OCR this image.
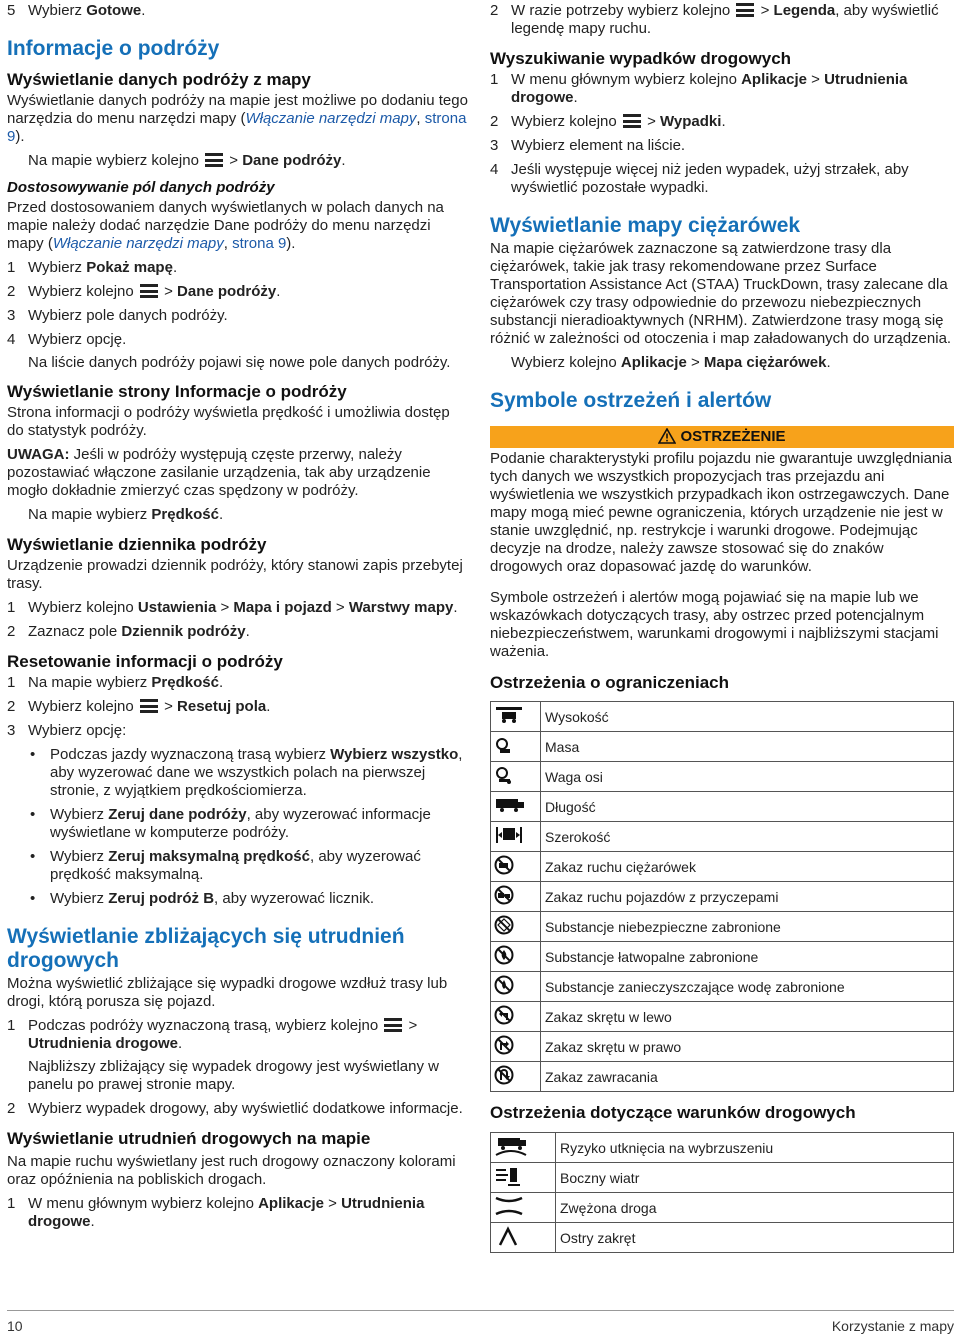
5 Wybierz Gotowe.
Informacje o podróży
Wyświetlanie danych podróży z mapy
Wyświetlanie danych podróży na mapie jest możliwe po dodaniu tego narzędzia do menu narzędzi mapy (Włączanie narzędzi mapy, strona 9).
Na mapie wybierz kolejno
> Dane podróży.
Dostosowywanie pól danych podróży
Przed dostosowaniem danych wyświetlanych w polach danych na mapie należy dodać narzędzie Dane podróży do menu narzędzi mapy (Włączanie narzędzi mapy, strona 9).
1 Wybierz Pokaż mapę.
2 Wybierz kolejno
> Dane podróży.
3 Wybierz pole danych podróży.
4 Wybierz opcję.
Na liście danych podróży pojawi się nowe pole danych podróży.
Wyświetlanie strony Informacje o podróży
Strona informacji o podróży wyświetla prędkość i umożliwia dostęp do statystyk podróży.
UWAGA: Jeśli w podróży występują częste przerwy, należy pozostawiać włączone zasilanie urządzenia, tak aby urządzenie mogło dokładnie zmierzyć czas spędzony w podróży.
Na mapie wybierz Prędkość.
Wyświetlanie dziennika podróży
Urządzenie prowadzi dziennik podróży, który stanowi zapis przebytej trasy.
1 Wybierz kolejno Ustawienia > Mapa i pojazd > Warstwy mapy.
2 Zaznacz pole Dziennik podróży.
Resetowanie informacji o podróży
1 Na mapie wybierz Prędkość.
2 Wybierz kolejno
> Resetuj pola.
3 Wybierz opcję:
• Podczas jazdy wyznaczoną trasą wybierz Wybierz wszystko, aby wyzerować dane we wszystkich polach na pierwszej stronie, z wyjątkiem prędkościomierza.
• Wybierz Zeruj dane podróży, aby wyzerować informacje wyświetlane w komputerze podróży.
• Wybierz Zeruj maksymalną prędkość, aby wyzerować prędkość maksymalną.
• Wybierz Zeruj podróż B, aby wyzerować licznik.
Wyświetlanie zbliżających się utrudnień drogowych
Można wyświetlić zbliżające się wypadki drogowe wzdłuż trasy lub drogi, którą porusza się pojazd.
1 Podczas podróży wyznaczoną trasą, wybierz kolejno
> Utrudnienia drogowe.
Najbliższy zbliżający się wypadek drogowy jest wyświetlany w panelu po prawej stronie mapy.
2 Wybierz wypadek drogowy, aby wyświetlić dodatkowe informacje.
Wyświetlanie utrudnień drogowych na mapie
Na mapie ruchu wyświetlany jest ruch drogowy oznaczony kolorami oraz opóźnienia na pobliskich drogach.
1 W menu głównym wybierz kolejno Aplikacje > Utrudnienia drogowe.
2 W razie potrzeby wybierz kolejno
> Legenda, aby wyświetlić legendę mapy ruchu.
Wyszukiwanie wypadków drogowych
1 W menu głównym wybierz kolejno Aplikacje > Utrudnienia drogowe.
2 Wybierz kolejno
> Wypadki.
3 Wybierz element na liście.
4 Jeśli występuje więcej niż jeden wypadek, użyj strzałek, aby wyświetlić pozostałe wypadki.
Wyświetlanie mapy ciężarówek
Na mapie ciężarówek zaznaczone są zatwierdzone trasy dla ciężarówek, takie jak trasy rekomendowane przez Surface Transportation Assistance Act (STAA) TruckDown, trasy zalecane dla ciężarówek czy trasy odpowiednie do przewozu niebezpiecznych substancji nieradioaktywnych (NRHM). Zatwierdzone trasy mogą się różnić w zależności od otoczenia i map załadowanych do urządzenia.
Wybierz kolejno Aplikacje > Mapa ciężarówek.
Symbole ostrzeżeń i alertów
OSTRZEŻENIE
Podanie charakterystyki profilu pojazdu nie gwarantuje uwzględniania tych danych we wszystkich propozycjach tras przejazdu ani wyświetlenia we wszystkich przypadkach ikon ostrzegawczych. Dane mapy mogą mieć pewne ograniczenia, których urządzenie nie jest w stanie uwzględnić, np. restrykcje i warunki drogowe. Podejmując decyzje na drodze, należy zawsze stosować się do znaków drogowych oraz dopasować jazdę do warunków.
Symbole ostrzeżeń i alertów mogą pojawiać się na mapie lub we wskazówkach dotyczących trasy, aby ostrzec przed potencjalnym niebezpieczeństwem, warunkami drogowymi i najbliższymi stacjami ważenia.
Ostrzeżenia o ograniczeniach
	Wysokość
	Masa
	Waga osi
	Długość
	Szerokość
	Zakaz ruchu ciężarówek
	Zakaz ruchu pojazdów z przyczepami
	Substancje niebezpieczne zabronione
	Substancje łatwopalne zabronione
	Substancje zanieczyszczające wodę zabronione
	Zakaz skrętu w lewo
	Zakaz skrętu w prawo
	Zakaz zawracania
Ostrzeżenia dotyczące warunków drogowych
	Ryzyko utknięcia na wybrzuszeniu
	Boczny wiatr
	Zwężona droga
	Ostry zakręt
10	Korzystanie z mapy
